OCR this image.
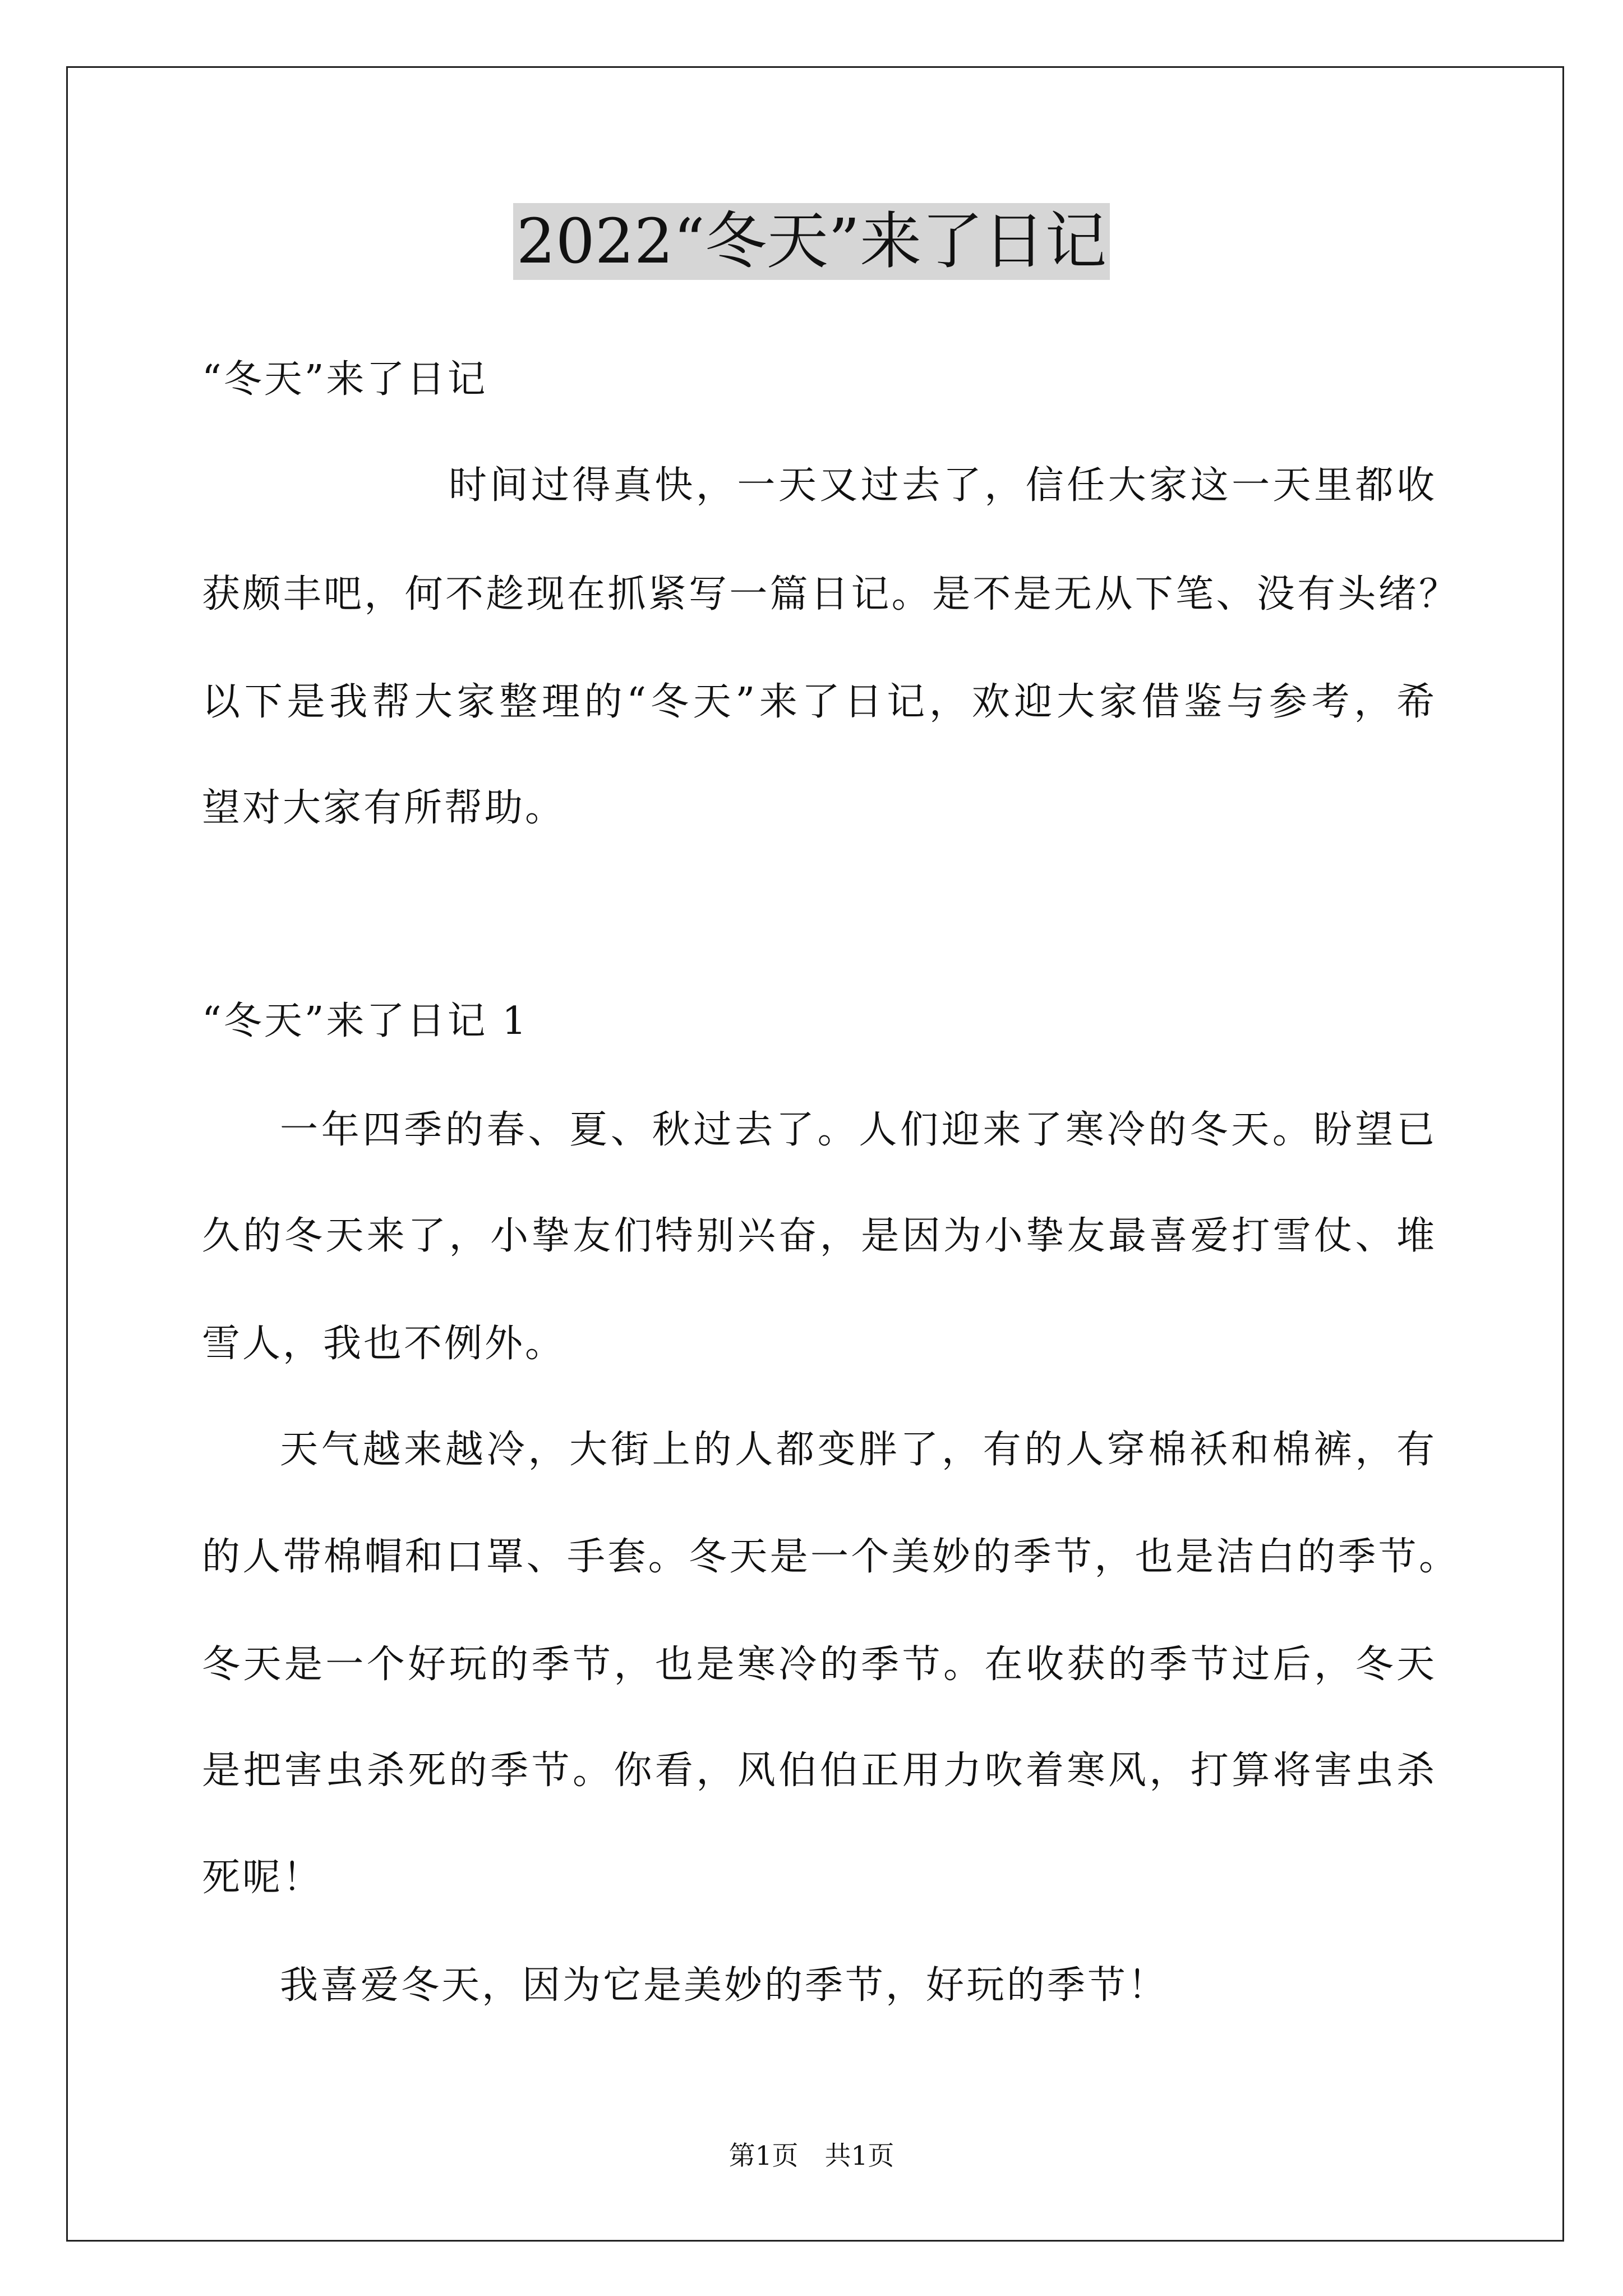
2022“冬天”来了日记
“冬天”来了日记
时间过得真快，一天又过去了，信任大家这一天里都收
获颇丰吧，何不趁现在抓紧写一篇日记。是不是无从下笔、没有头绪？
以下是我帮大家整理的“冬天”来了日记，欢迎大家借鉴与参考，希
望对大家有所帮助。
“冬天”来了日记 1
一年四季的春、夏、秋过去了。人们迎来了寒冷的冬天。盼望已
久的冬天来了，小挚友们特别兴奋，是因为小挚友最喜爱打雪仗、堆
雪人，我也不例外。
天气越来越冷，大街上的人都变胖了，有的人穿棉袄和棉裤，有
的人带棉帽和口罩、手套。冬天是一个美妙的季节，也是洁白的季节。
冬天是一个好玩的季节，也是寒冷的季节。在收获的季节过后，冬天
是把害虫杀死的季节。你看，风伯伯正用力吹着寒风，打算将害虫杀
死呢！
我喜爱冬天，因为它是美妙的季节，好玩的季节！
第1页　共1页
